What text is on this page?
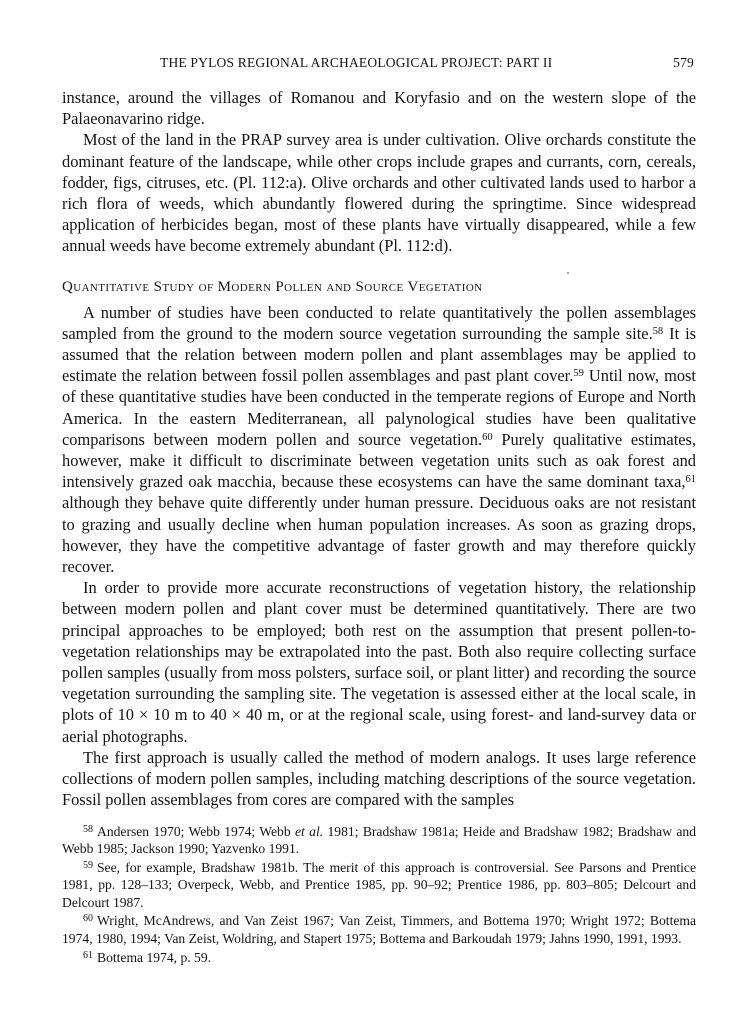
THE PYLOS REGIONAL ARCHAEOLOGICAL PROJECT: PART II	579

instance, around the villages of Romanou and Koryfasio and on the western slope of the Palaeonavarino ridge.

Most of the land in the PRAP survey area is under cultivation. Olive orchards constitute the dominant feature of the landscape, while other crops include grapes and currants, corn, cereals, fodder, figs, citruses, etc. (Pl. 112:a). Olive orchards and other cultivated lands used to harbor a rich flora of weeds, which abundantly flowered during the springtime. Since widespread application of herbicides began, most of these plants have virtually disappeared, while a few annual weeds have become extremely abundant (Pl. 112:d).

Quantitative Study of Modern Pollen and Source Vegetation

A number of studies have been conducted to relate quantitatively the pollen assemblages sampled from the ground to the modern source vegetation surrounding the sample site.$^{58}$ It is assumed that the relation between modern pollen and plant assemblages may be applied to estimate the relation between fossil pollen assemblages and past plant cover.$^{59}$ Until now, most of these quantitative studies have been conducted in the temperate regions of Europe and North America. In the eastern Mediterranean, all palynological studies have been qualitative comparisons between modern pollen and source vegetation.$^{60}$ Purely qualitative estimates, however, make it difficult to discriminate between vegetation units such as oak forest and intensively grazed oak macchia, because these ecosystems can have the same dominant taxa,$^{61}$ although they behave quite differently under human pressure. Deciduous oaks are not resistant to grazing and usually decline when human population increases. As soon as grazing drops, however, they have the competitive advantage of faster growth and may therefore quickly recover.

In order to provide more accurate reconstructions of vegetation history, the relationship between modern pollen and plant cover must be determined quantitatively. There are two principal approaches to be employed; both rest on the assumption that present pollen-to-vegetation relationships may be extrapolated into the past. Both also require collecting surface pollen samples (usually from moss polsters, surface soil, or plant litter) and recording the source vegetation surrounding the sampling site. The vegetation is assessed either at the local scale, in plots of 10 × 10 m to 40 × 40 m, or at the regional scale, using forest- and land-survey data or aerial photographs.

The first approach is usually called the method of modern analogs. It uses large reference collections of modern pollen samples, including matching descriptions of the source vegetation. Fossil pollen assemblages from cores are compared with the samples

$^{58}$ Andersen 1970; Webb 1974; Webb et al. 1981; Bradshaw 1981a; Heide and Bradshaw 1982; Bradshaw and Webb 1985; Jackson 1990; Yazvenko 1991.

$^{59}$ See, for example, Bradshaw 1981b. The merit of this approach is controversial. See Parsons and Prentice 1981, pp. 128–133; Overpeck, Webb, and Prentice 1985, pp. 90–92; Prentice 1986, pp. 803–805; Delcourt and Delcourt 1987.

$^{60}$ Wright, McAndrews, and Van Zeist 1967; Van Zeist, Timmers, and Bottema 1970; Wright 1972; Bottema 1974, 1980, 1994; Van Zeist, Woldring, and Stapert 1975; Bottema and Barkoudah 1979; Jahns 1990, 1991, 1993.

$^{61}$ Bottema 1974, p. 59.
